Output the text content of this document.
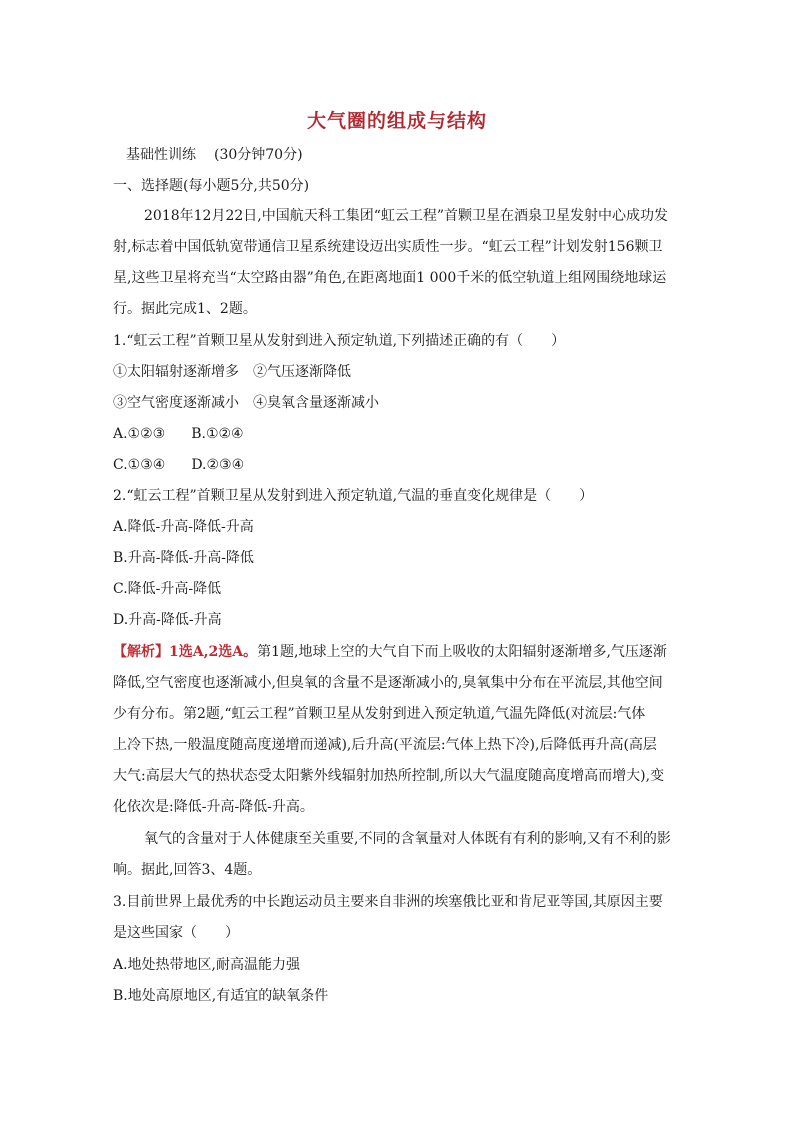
大气圈的组成与结构
基础性训练 (30分钟70分)
一、选择题(每小题5分,共50分)
2018年12月22日,中国航天科工集团“虹云工程”首颗卫星在酒泉卫星发射中心成功发
射,标志着中国低轨宽带通信卫星系统建设迈出实质性一步。“虹云工程”计划发射156颗卫
星,这些卫星将充当“太空路由器”角色,在距离地面1 000千米的低空轨道上组网围绕地球运
行。据此完成1、2题。
1.“虹云工程”首颗卫星从发射到进入预定轨道,下列描述正确的有（　　）
①太阳辐射逐渐增多 ②气压逐渐降低
③空气密度逐渐减小 ④臭氧含量逐渐减小
A.①②③ B.①②④
C.①③④ D.②③④
2.“虹云工程”首颗卫星从发射到进入预定轨道,气温的垂直变化规律是（　　）
A.降低-升高-降低-升高
B.升高-降低-升高-降低
C.降低-升高-降低
D.升高-降低-升高
【解析】1选A,2选A。第1题,地球上空的大气自下而上吸收的太阳辐射逐渐增多,气压逐渐
降低,空气密度也逐渐减小,但臭氧的含量不是逐渐减小的,臭氧集中分布在平流层,其他空间
少有分布。第2题,“虹云工程”首颗卫星从发射到进入预定轨道,气温先降低(对流层:气体
上冷下热,一般温度随高度递增而递减),后升高(平流层:气体上热下冷),后降低再升高(高层
大气:高层大气的热状态受太阳紫外线辐射加热所控制,所以大气温度随高度增高而增大),变
化依次是:降低-升高-降低-升高。
氧气的含量对于人体健康至关重要,不同的含氧量对人体既有有利的影响,又有不利的影
响。据此,回答3、4题。
3.目前世界上最优秀的中长跑运动员主要来自非洲的埃塞俄比亚和肯尼亚等国,其原因主要
是这些国家（　　）
A.地处热带地区,耐高温能力强
B.地处高原地区,有适宜的缺氧条件
